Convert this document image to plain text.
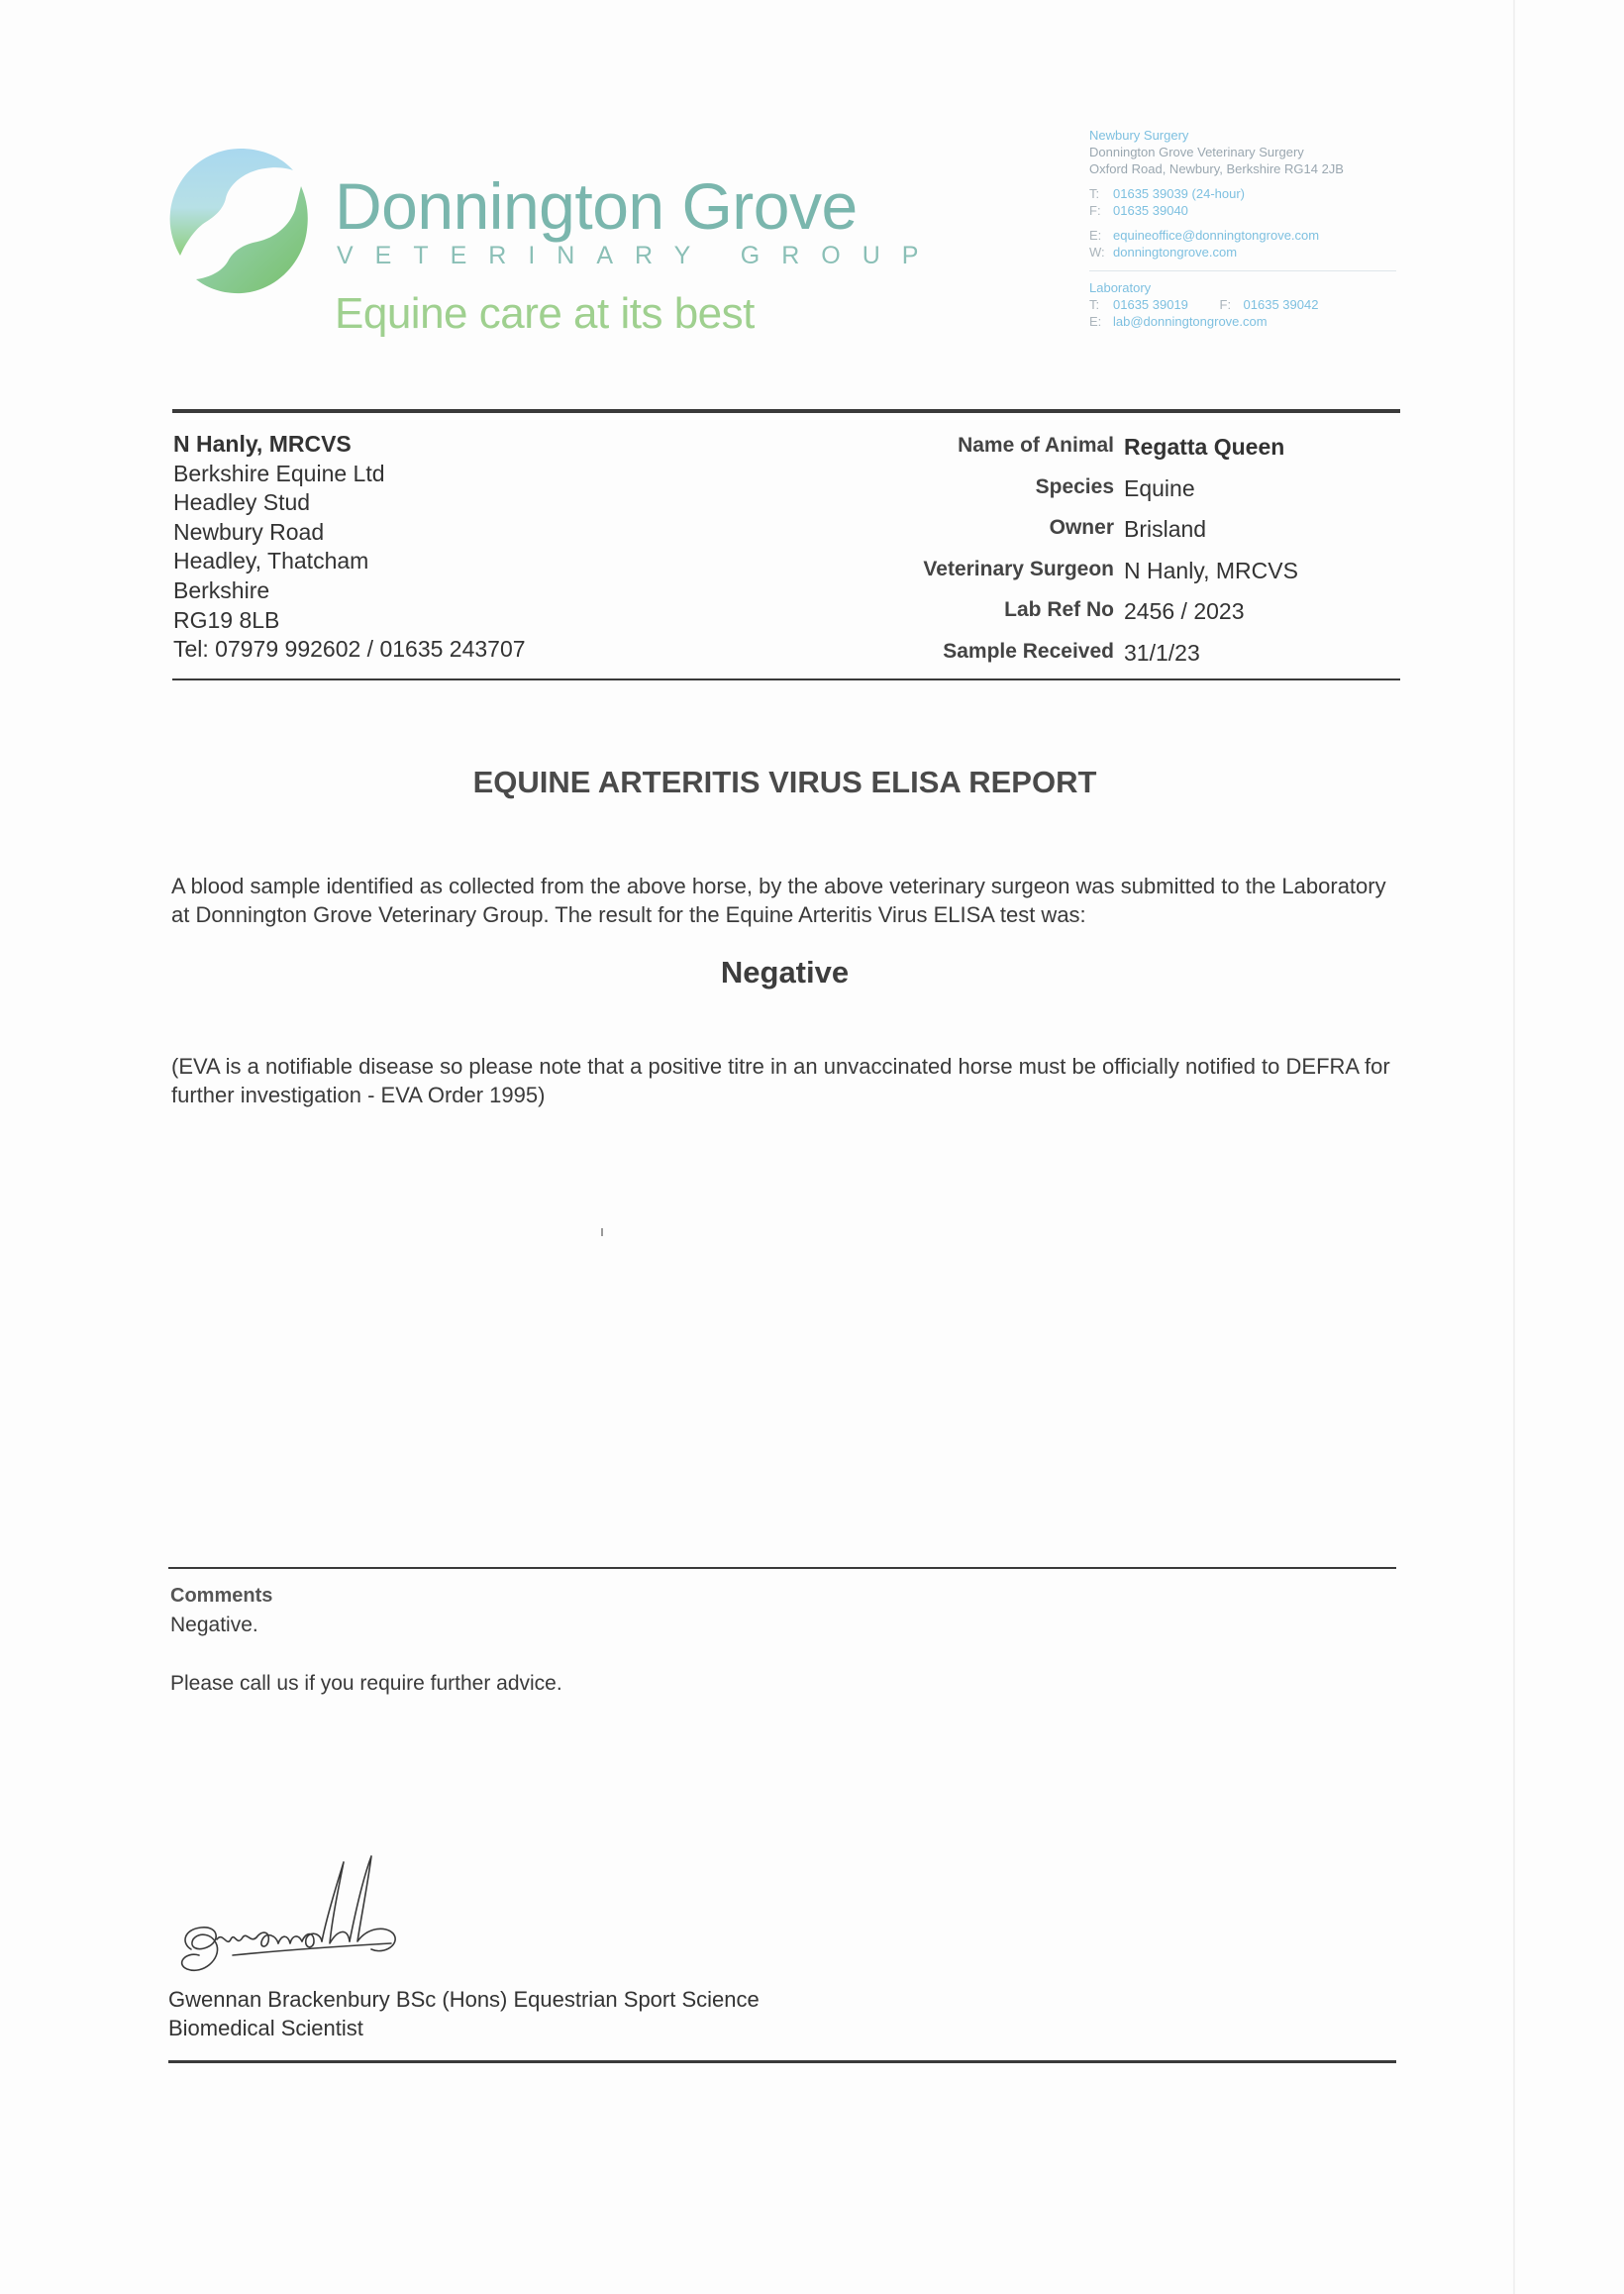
Donnington Grove
VETERINARY GROUP
Equine care at its best
Newbury Surgery
Donnington Grove Veterinary Surgery
Oxford Road, Newbury, Berkshire RG14 2JB
T: 01635 39039 (24-hour)
F: 01635 39040
E: equineoffice@donningtongrove.com
W: donningtongrove.com
Laboratory
T: 01635 39019 F: 01635 39042
E: lab@donningtongrove.com
N Hanly, MRCVS
Berkshire Equine Ltd
Headley Stud
Newbury Road
Headley, Thatcham
Berkshire
RG19 8LB
Tel: 07979 992602 / 01635 243707
Name of Animal Regatta Queen
Species Equine
Owner Brisland
Veterinary Surgeon N Hanly, MRCVS
Lab Ref No 2456 / 2023
Sample Received 31/1/23
EQUINE ARTERITIS VIRUS ELISA REPORT
A blood sample identified as collected from the above horse, by the above veterinary surgeon was submitted to the Laboratory at Donnington Grove Veterinary Group. The result for the Equine Arteritis Virus ELISA test was:
Negative
(EVA is a notifiable disease so please note that a positive titre in an unvaccinated horse must be officially notified to DEFRA for further investigation - EVA Order 1995)
Comments
Negative.
Please call us if you require further advice.
Gwennan Brackenbury BSc (Hons) Equestrian Sport Science
Biomedical Scientist
